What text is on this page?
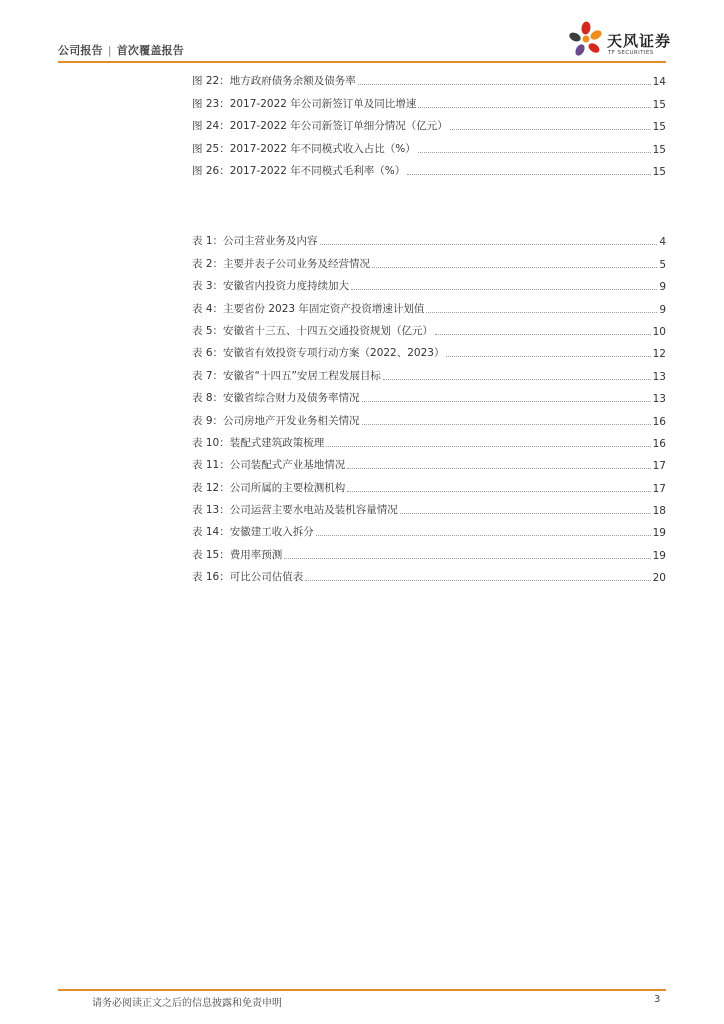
公司报告 | 首次覆盖报告
天风证券
TF SECURITIES
图 22：地方政府债务余额及债务率	14
图 23：2017-2022 年公司新签订单及同比增速	15
图 24：2017-2022 年公司新签订单细分情况（亿元）	15
图 25：2017-2022 年不同模式收入占比（%）	15
图 26：2017-2022 年不同模式毛利率（%）	15
表 1：公司主营业务及内容	4
表 2：主要并表子公司业务及经营情况	5
表 3：安徽省内投资力度持续加大	9
表 4：主要省份 2023 年固定资产投资增速计划值	9
表 5：安徽省十三五、十四五交通投资规划（亿元）	10
表 6：安徽省有效投资专项行动方案（2022、2023）	12
表 7：安徽省“十四五”安居工程发展目标	13
表 8：安徽省综合财力及债务率情况	13
表 9：公司房地产开发业务相关情况	16
表 10：装配式建筑政策梳理	16
表 11：公司装配式产业基地情况	17
表 12：公司所属的主要检测机构	17
表 13：公司运营主要水电站及装机容量情况	18
表 14：安徽建工收入拆分	19
表 15：费用率预测	19
表 16：可比公司估值表	20
请务必阅读正文之后的信息披露和免责申明	3
